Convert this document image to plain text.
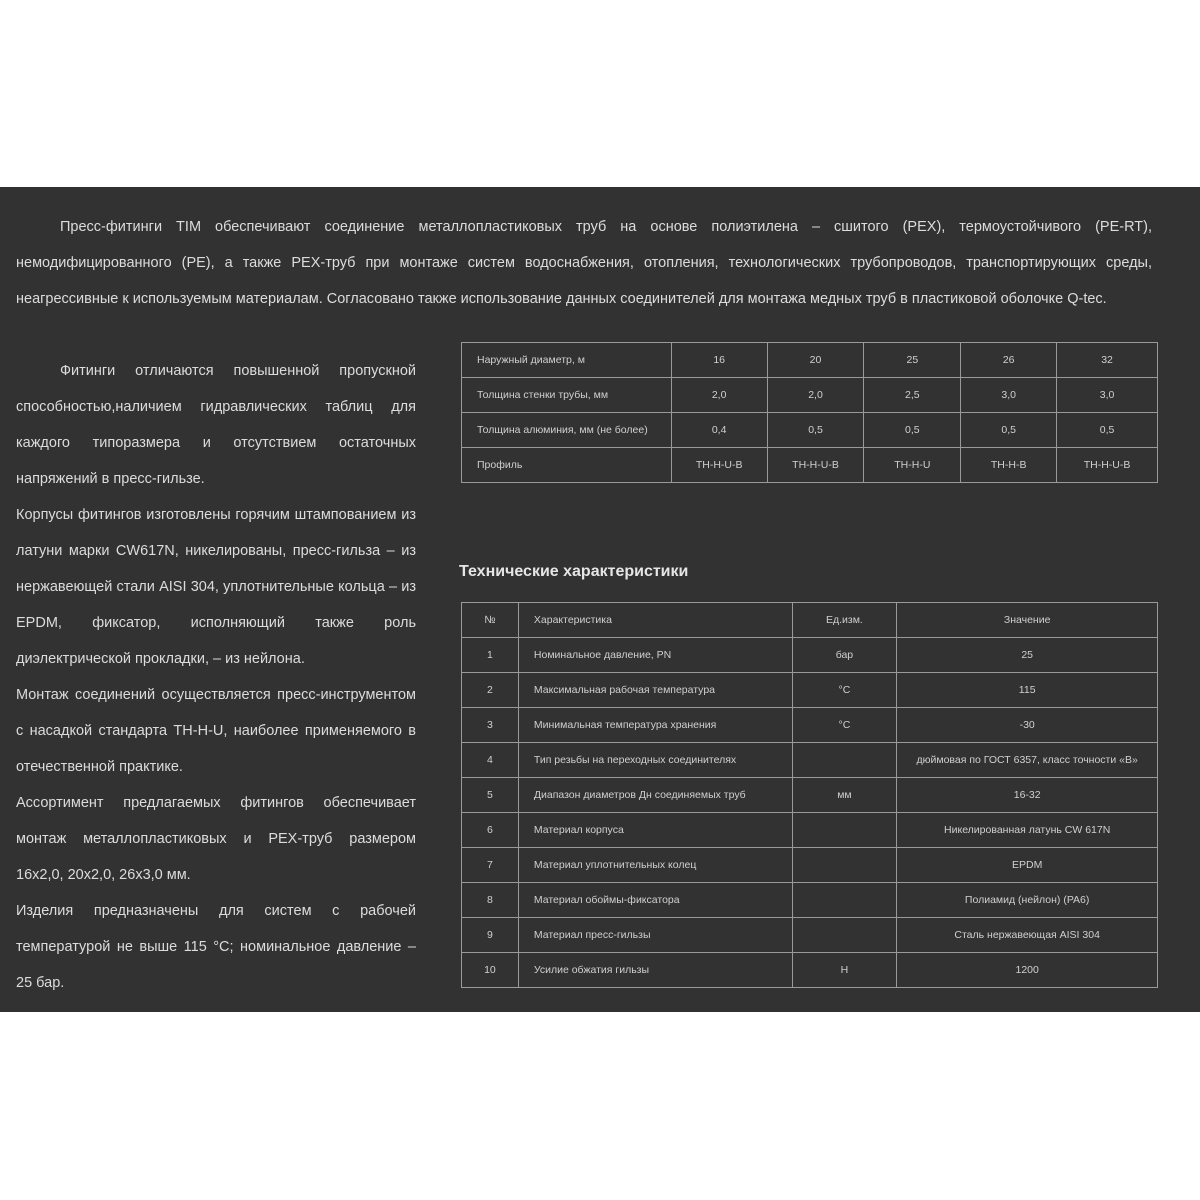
Пресс-фитинги TIM обеспечивают соединение металлопластиковых труб на основе полиэтилена – сшитого (PEX), термоустойчивого (PE-RT), немодифицированного (PE), а также PEX-труб при монтаже систем водоснабжения, отопления, технологических трубопроводов, транспортирующих среды, неагрессивные к используемым материалам. Согласовано также использование данных соединителей для монтажа медных труб в пластиковой оболочке Q-tec.

Фитинги отличаются повышенной пропускной способностью,наличием гидравлических таблиц для каждого типоразмера и отсутствием остаточных напряжений в пресс-гильзе.

Корпусы фитингов изготовлены горячим штампованием из латуни марки CW617N, никелированы, пресс-гильза – из нержавеющей стали AISI 304, уплотнительные кольца – из EPDM, фиксатор, исполняющий также роль диэлектрической прокладки, – из нейлона.

Монтаж соединений осуществляется пресс-инструментом с насадкой стандарта TH-H-U, наиболее применяемого в отечественной практике.

Ассортимент предлагаемых фитингов обеспечивает монтаж металлопластиковых и PEX-труб размером 16x2,0, 20x2,0, 26x3,0 мм.

Изделия предназначены для систем с рабочей температурой не выше 115 °C; номинальное давление – 25 бар.

Наружный диаметр, м	16	20	25	26	32
Толщина стенки трубы, мм	2,0	2,0	2,5	3,0	3,0
Толщина алюминия, мм (не более)	0,4	0,5	0,5	0,5	0,5
Профиль	TH-H-U-B	TH-H-U-B	TH-H-U	TH-H-B	TH-H-U-B
Технические характеристики
№	Характеристика	Ед.изм.	Значение
1	Номинальное давление, PN	бар	25
2	Максимальная рабочая температура	°C	115
3	Минимальная температура хранения	°C	-30
4	Тип резьбы на переходных соединителях		дюймовая по ГОСТ 6357, класс точности «В»
5	Диапазон диаметров Дн соединяемых труб	мм	16-32
6	Материал корпуса		Никелированная латунь CW 617N
7	Материал уплотнительных колец		EPDM
8	Материал обоймы-фиксатора		Полиамид (нейлон) (PA6)
9	Материал пресс-гильзы		Сталь нержавеющая AISI 304
10	Усилие обжатия гильзы	Н	1200
